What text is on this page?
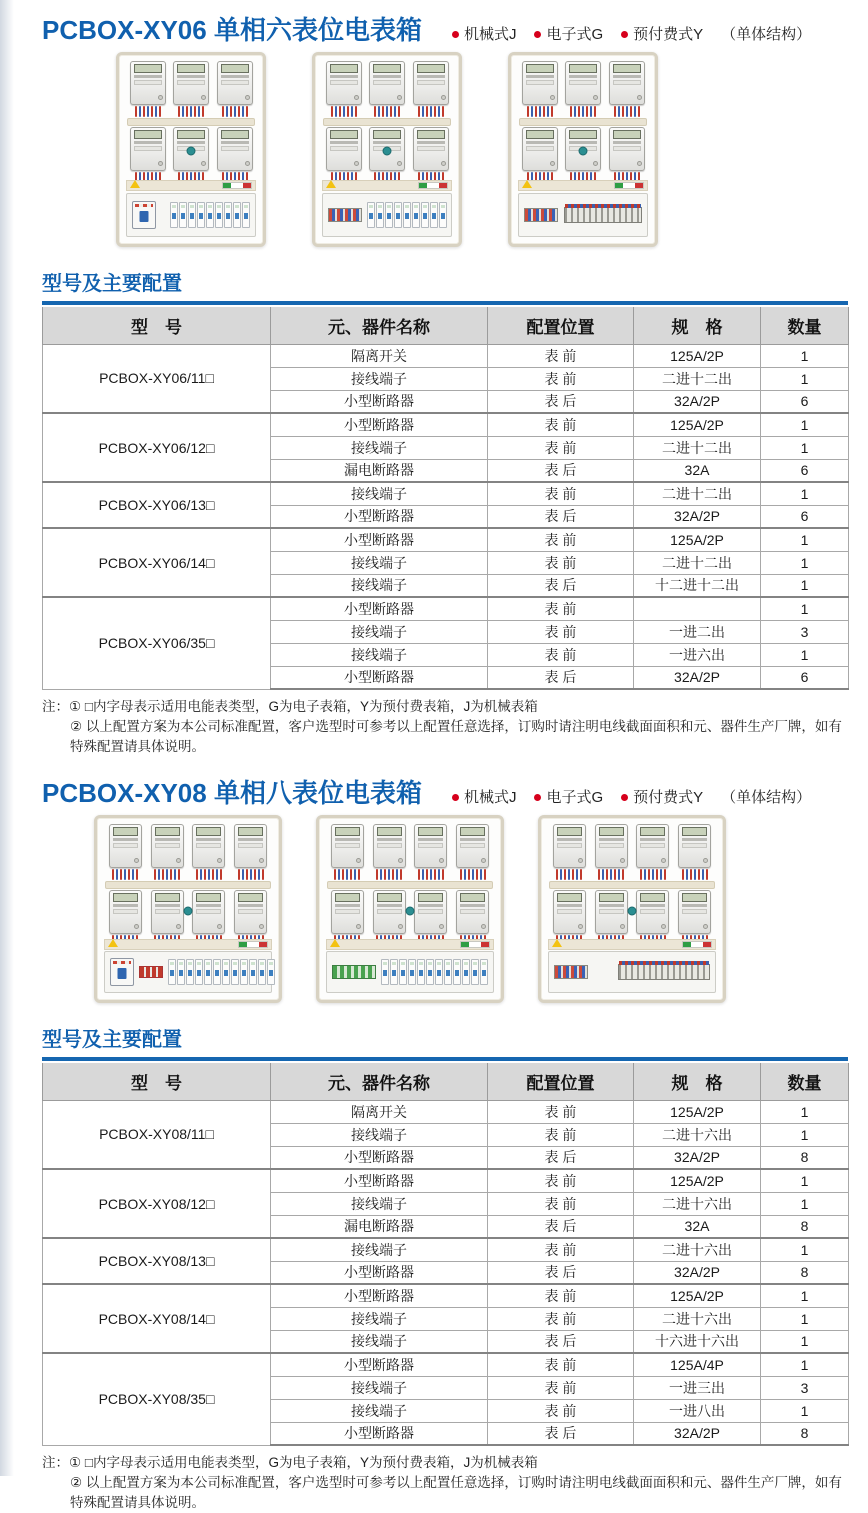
PCBOX-XY06 单相六表位电表箱	机械式J 电子式G 预付费式Y （单体结构）
型号及主要配置
型　号	元、器件名称	配置位置	规　格	数量
PCBOX-XY06/11□	隔离开关	表 前	125A/2P	1
	接线端子	表 前	二进十二出	1
	小型断路器	表 后	32A/2P	6
PCBOX-XY06/12□	小型断路器	表 前	125A/2P	1
	接线端子	表 前	二进十二出	1
	漏电断路器	表 后	32A	6
PCBOX-XY06/13□	接线端子	表 前	二进十二出	1
	小型断路器	表 后	32A/2P	6
PCBOX-XY06/14□	小型断路器	表 前	125A/2P	1
	接线端子	表 前	二进十二出	1
	接线端子	表 后	十二进十二出	1
PCBOX-XY06/35□	小型断路器	表 前		1
	接线端子	表 前	一进二出	3
	接线端子	表 前	一进六出	1
	小型断路器	表 后	32A/2P	6
注：① □内字母表示适用电能表类型，G为电子表箱，Y为预付费表箱，J为机械表箱
② 以上配置方案为本公司标准配置，客户选型时可参考以上配置任意选择，订购时请注明电线截面面积和元、器件生产厂牌，如有特殊配置请具体说明。
PCBOX-XY08 单相八表位电表箱	机械式J 电子式G 预付费式Y （单体结构）
型号及主要配置
型　号	元、器件名称	配置位置	规　格	数量
PCBOX-XY08/11□	隔离开关	表 前	125A/2P	1
	接线端子	表 前	二进十六出	1
	小型断路器	表 后	32A/2P	8
PCBOX-XY08/12□	小型断路器	表 前	125A/2P	1
	接线端子	表 前	二进十六出	1
	漏电断路器	表 后	32A	8
PCBOX-XY08/13□	接线端子	表 前	二进十六出	1
	小型断路器	表 后	32A/2P	8
PCBOX-XY08/14□	小型断路器	表 前	125A/2P	1
	接线端子	表 前	二进十六出	1
	接线端子	表 后	十六进十六出	1
PCBOX-XY08/35□	小型断路器	表 前	125A/4P	1
	接线端子	表 前	一进三出	3
	接线端子	表 前	一进八出	1
	小型断路器	表 后	32A/2P	8
注：① □内字母表示适用电能表类型，G为电子表箱，Y为预付费表箱，J为机械表箱
② 以上配置方案为本公司标准配置，客户选型时可参考以上配置任意选择，订购时请注明电线截面面积和元、器件生产厂牌，如有特殊配置请具体说明。
